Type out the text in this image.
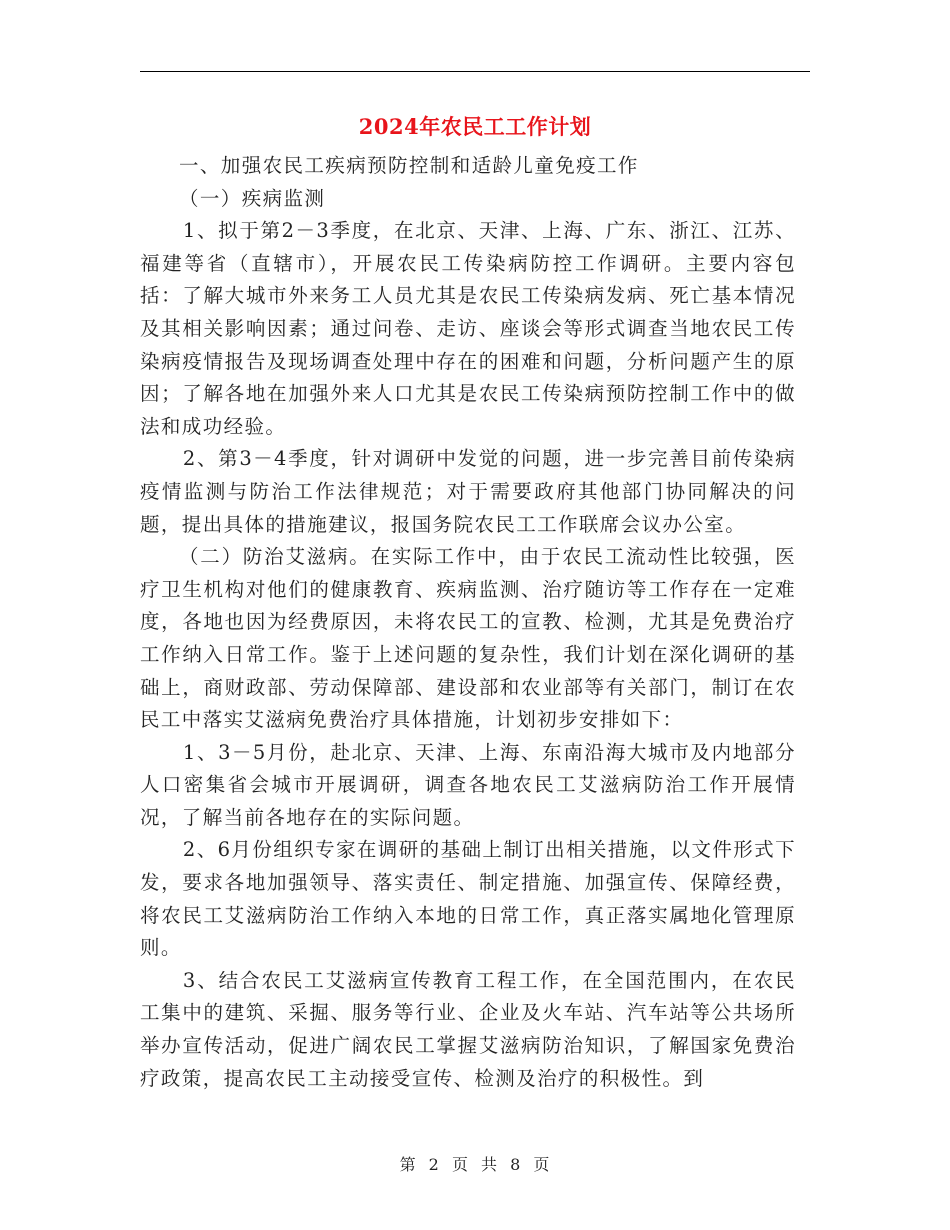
2024年农民工工作计划

一、加强农民工疾病预防控制和适龄儿童免疫工作

（一）疾病监测

1、拟于第2－3季度，在北京、天津、上海、广东、浙江、江苏、福建等省（直辖市），开展农民工传染病防控工作调研。主要内容包括：了解大城市外来务工人员尤其是农民工传染病发病、死亡基本情况及其相关影响因素；通过问卷、走访、座谈会等形式调查当地农民工传染病疫情报告及现场调查处理中存在的困难和问题，分析问题产生的原因；了解各地在加强外来人口尤其是农民工传染病预防控制工作中的做法和成功经验。

2、第3－4季度，针对调研中发觉的问题，进一步完善目前传染病疫情监测与防治工作法律规范；对于需要政府其他部门协同解决的问题，提出具体的措施建议，报国务院农民工工作联席会议办公室。

（二）防治艾滋病。在实际工作中，由于农民工流动性比较强，医疗卫生机构对他们的健康教育、疾病监测、治疗随访等工作存在一定难度，各地也因为经费原因，未将农民工的宣教、检测，尤其是免费治疗工作纳入日常工作。鉴于上述问题的复杂性，我们计划在深化调研的基础上，商财政部、劳动保障部、建设部和农业部等有关部门，制订在农民工中落实艾滋病免费治疗具体措施，计划初步安排如下：

1、3－5月份，赴北京、天津、上海、东南沿海大城市及内地部分人口密集省会城市开展调研，调查各地农民工艾滋病防治工作开展情况，了解当前各地存在的实际问题。

2、6月份组织专家在调研的基础上制订出相关措施，以文件形式下发，要求各地加强领导、落实责任、制定措施、加强宣传、保障经费，将农民工艾滋病防治工作纳入本地的日常工作，真正落实属地化管理原则。

3、结合农民工艾滋病宣传教育工程工作，在全国范围内，在农民工集中的建筑、采掘、服务等行业、企业及火车站、汽车站等公共场所举办宣传活动，促进广阔农民工掌握艾滋病防治知识，了解国家免费治疗政策，提高农民工主动接受宣传、检测及治疗的积极性。到

第 2 页 共 8 页
